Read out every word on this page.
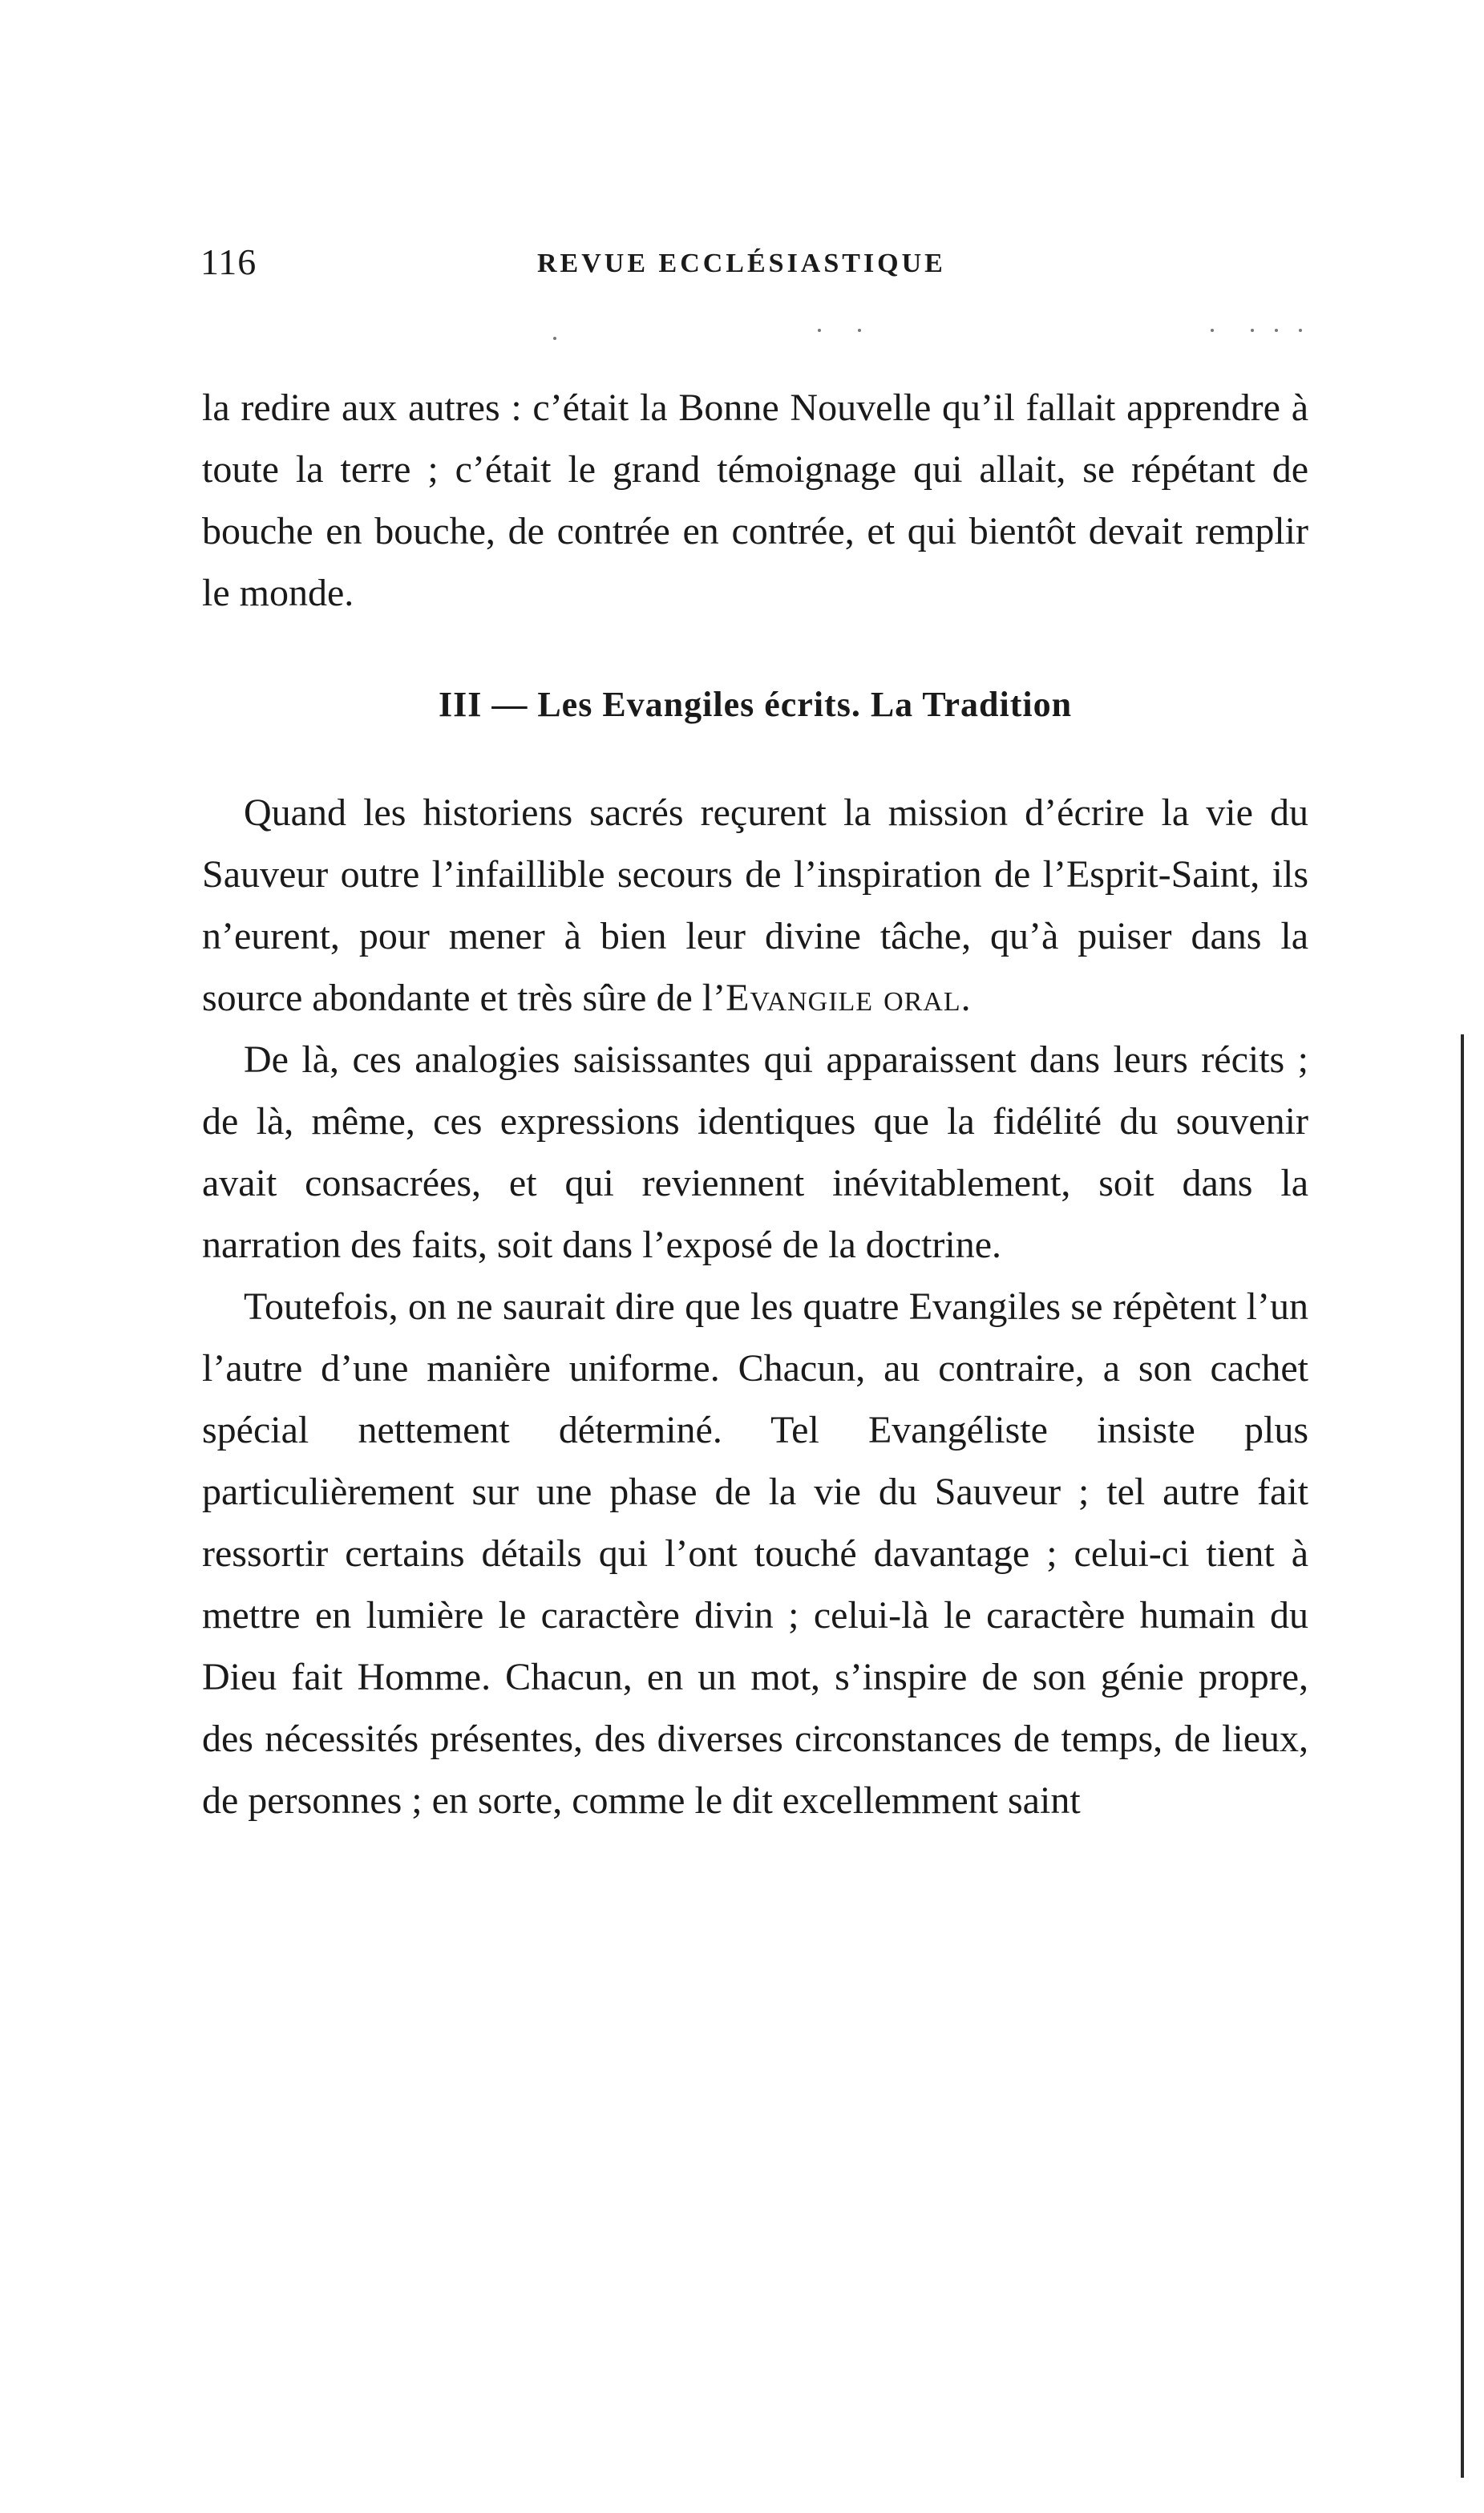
116	REVUE ECCLÉSIASTIQUE

la redire aux autres : c’était la Bonne Nouvelle qu’il fallait apprendre à toute la terre ; c’était le grand témoignage qui allait, se répétant de bouche en bouche, de contrée en contrée, et qui bientôt devait remplir le monde.

III — Les Evangiles écrits. La Tradition

Quand les historiens sacrés reçurent la mission d’écrire la vie du Sauveur outre l’infaillible secours de l’inspiration de l’Esprit-Saint, ils n’eurent, pour mener à bien leur divine tâche, qu’à puiser dans la source abondante et très sûre de l’Evangile oral.

De là, ces analogies saisissantes qui apparaissent dans leurs récits ; de là, même, ces expressions identiques que la fidélité du souvenir avait consacrées, et qui reviennent inévitablement, soit dans la narration des faits, soit dans l’exposé de la doctrine.

Toutefois, on ne saurait dire que les quatre Evangiles se répètent l’un l’autre d’une manière uniforme. Chacun, au contraire, a son cachet spécial nettement déterminé. Tel Evangéliste insiste plus particulièrement sur une phase de la vie du Sauveur ; tel autre fait ressortir certains détails qui l’ont touché davantage ; celui-ci tient à mettre en lumière le caractère divin ; celui-là le caractère humain du Dieu fait Homme. Chacun, en un mot, s’inspire de son génie propre, des nécessités présentes, des diverses circonstances de temps, de lieux, de personnes ; en sorte, comme le dit excellemment saint
